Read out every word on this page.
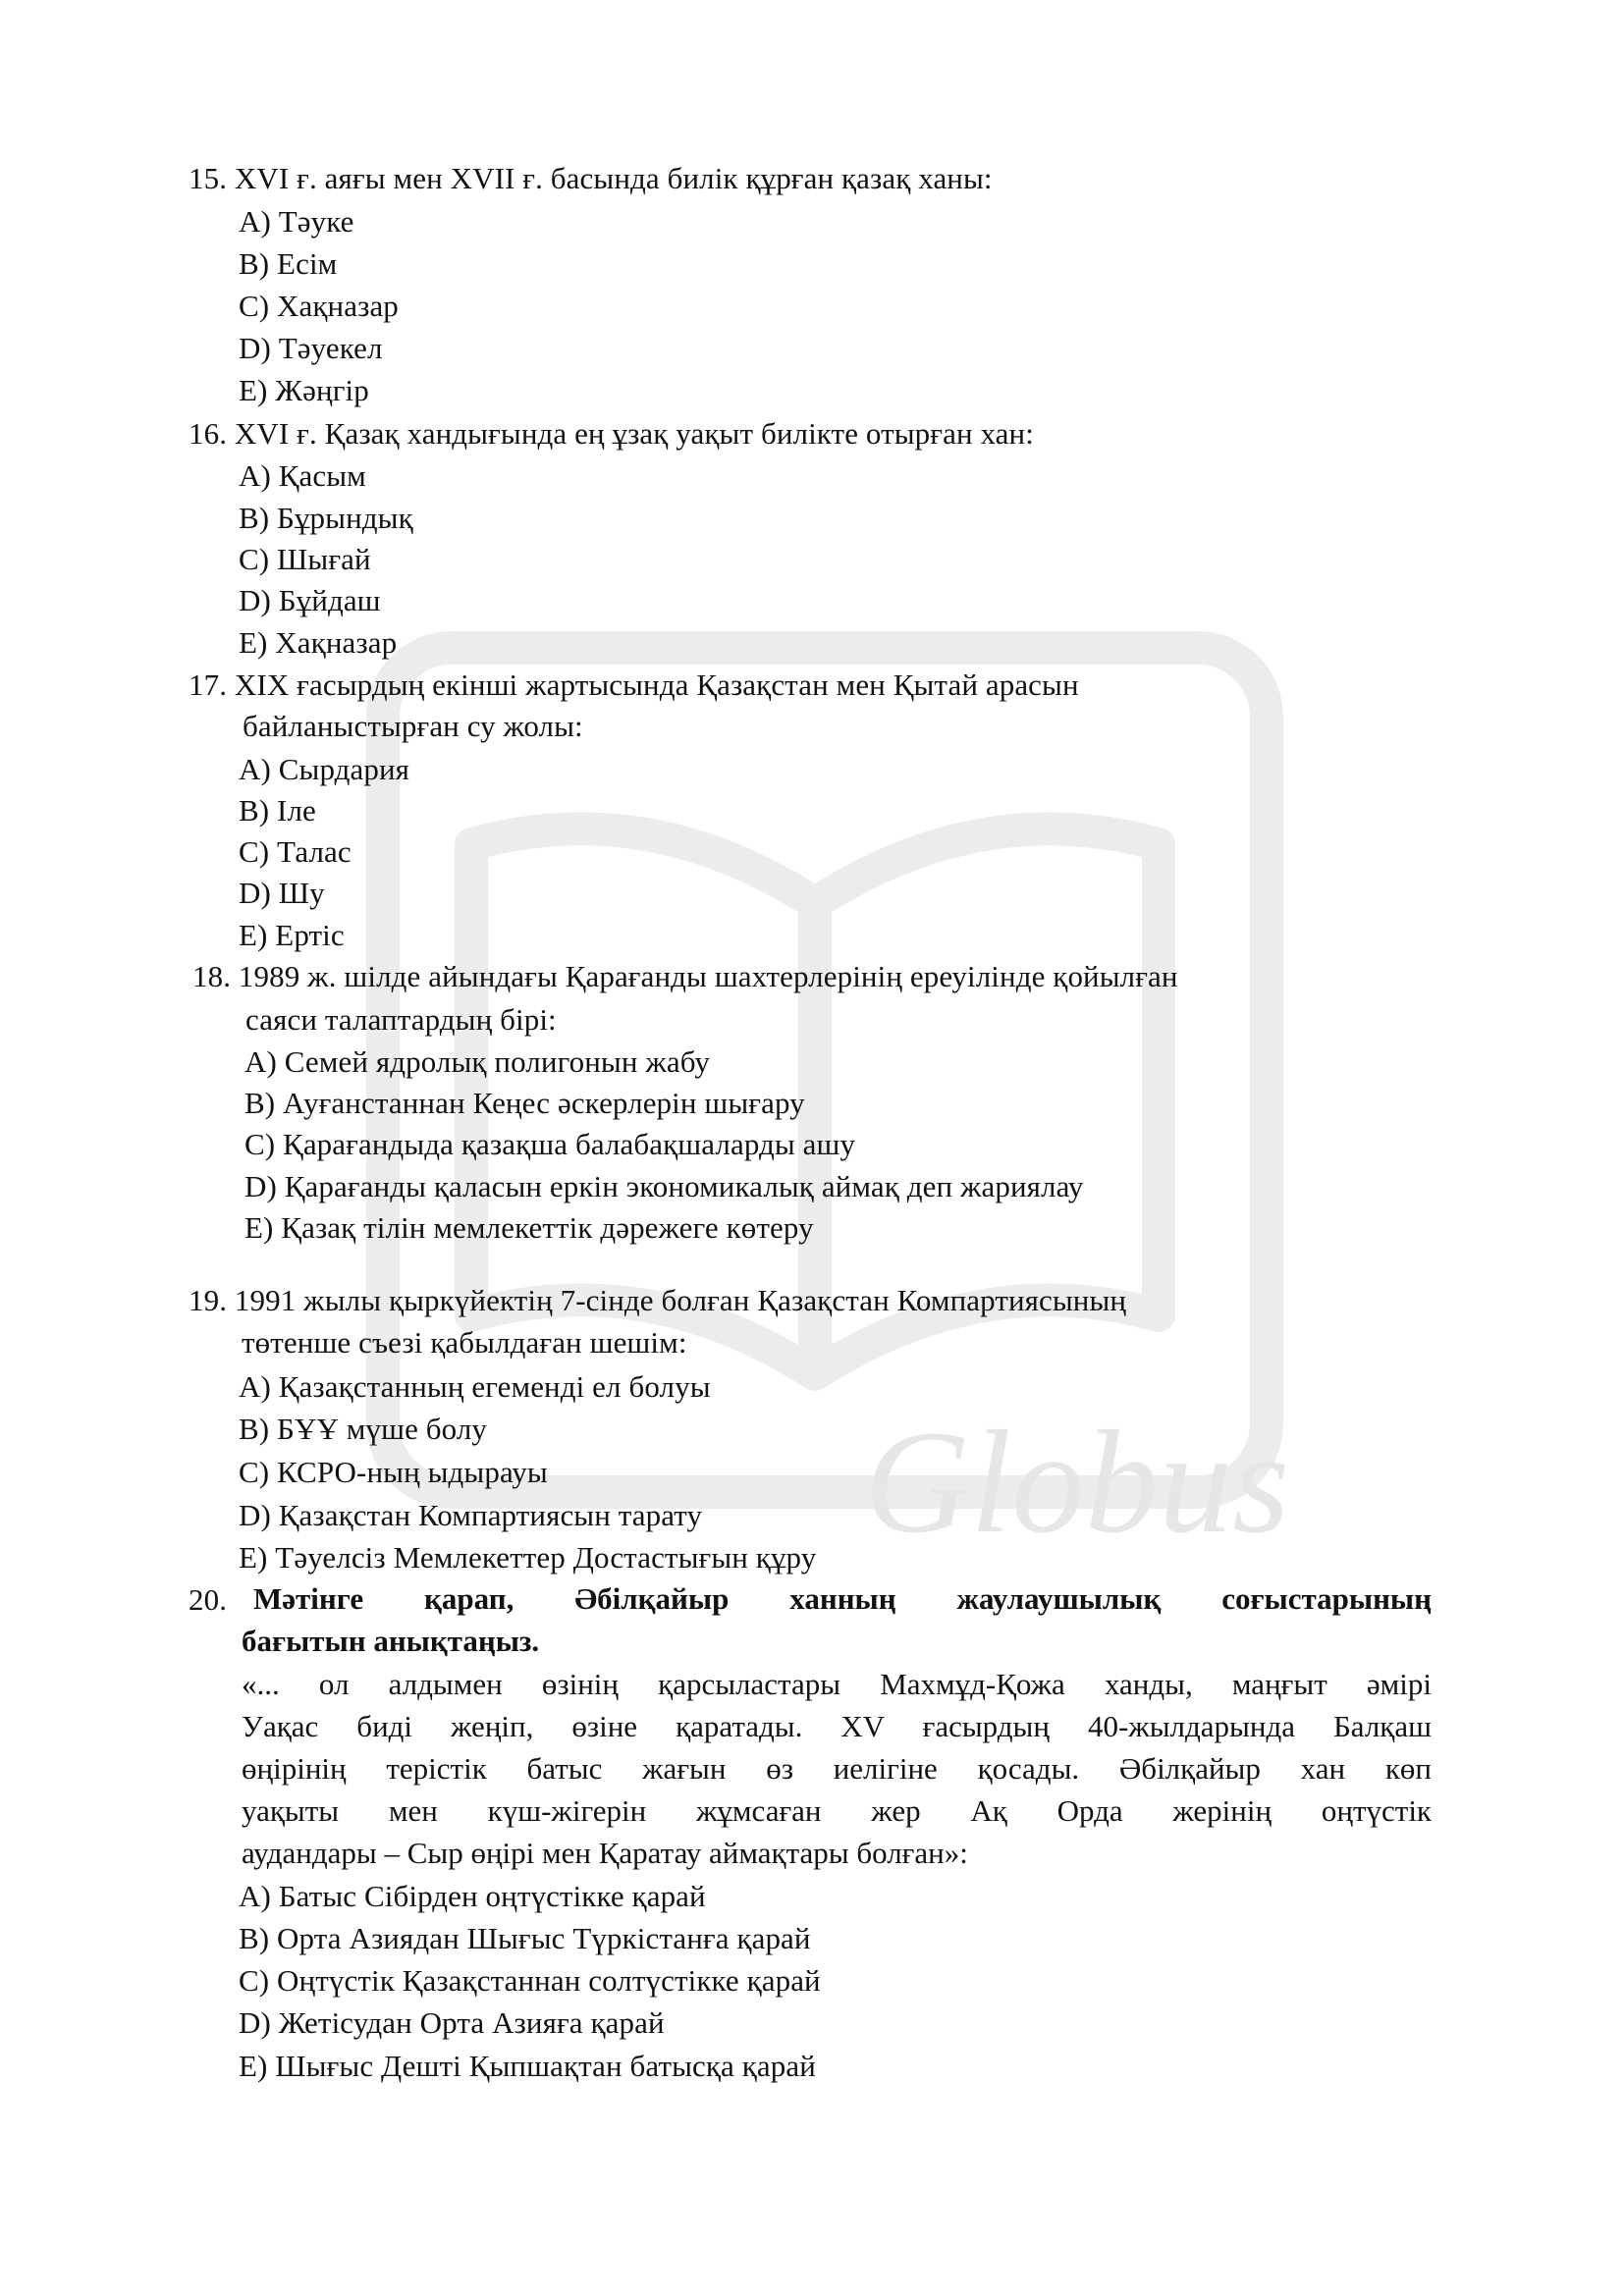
Globus
15. XVI ғ. аяғы мен XVII ғ. басында билік құрған қазақ ханы:
А) Тәуке
В) Есім
С) Хақназар
D) Тәуекел
Е) Жәңгір
16. XVI ғ. Қазақ хандығында ең ұзақ уақыт билікте отырған хан:
А) Қасым
В) Бұрындық
С) Шығай
D) Бұйдаш
Е) Хақназар
17. XIX ғасырдың екінші жартысында Қазақстан мен Қытай арасын
байланыстырған су жолы:
А) Сырдария
В) Іле
С) Талас
D) Шу
Е) Ертіс
18. 1989 ж. шілде айындағы Қарағанды шахтерлерінің ереуілінде қойылған
саяси талаптардың бірі:
А) Семей ядролық полигонын жабу
В) Ауғанстаннан Кеңес әскерлерін шығару
С) Қарағандыда қазақша балабақшаларды ашу
D) Қарағанды қаласын еркін экономикалық аймақ деп жариялау
Е) Қазақ тілін мемлекеттік дәрежеге көтеру
19. 1991 жылы қыркүйектің 7-сінде болған Қазақстан Компартиясының
төтенше съезі қабылдаған шешім:
А) Қазақстанның егеменді ел болуы
В) БҰҰ мүше болу
С) КСРО-ның ыдырауы
D) Қазақстан Компартиясын тарату
Е) Тәуелсіз Мемлекеттер Достастығын құру
20. Мәтінге қарап, Әбілқайыр ханның жаулаушылық соғыстарының
бағытын анықтаңыз.
«... ол алдымен өзінің қарсыластары Махмұд-Қожа ханды, маңғыт әмірі
Уақас биді жеңіп, өзіне қаратады. XV ғасырдың 40-жылдарында Балқаш
өңірінің терістік батыс жағын өз иелігіне қосады. Әбілқайыр хан көп
уақыты мен күш-жігерін жұмсаған жер Ақ Орда жерінің оңтүстік
аудандары – Сыр өңірі мен Қаратау аймақтары болған»:
А) Батыс Сібірден оңтүстікке қарай
В) Орта Азиядан Шығыс Түркістанға қарай
С) Оңтүстік Қазақстаннан солтүстікке қарай
D) Жетісудан Орта Азияға қарай
Е) Шығыс Дешті Қыпшақтан батысқа қарай
